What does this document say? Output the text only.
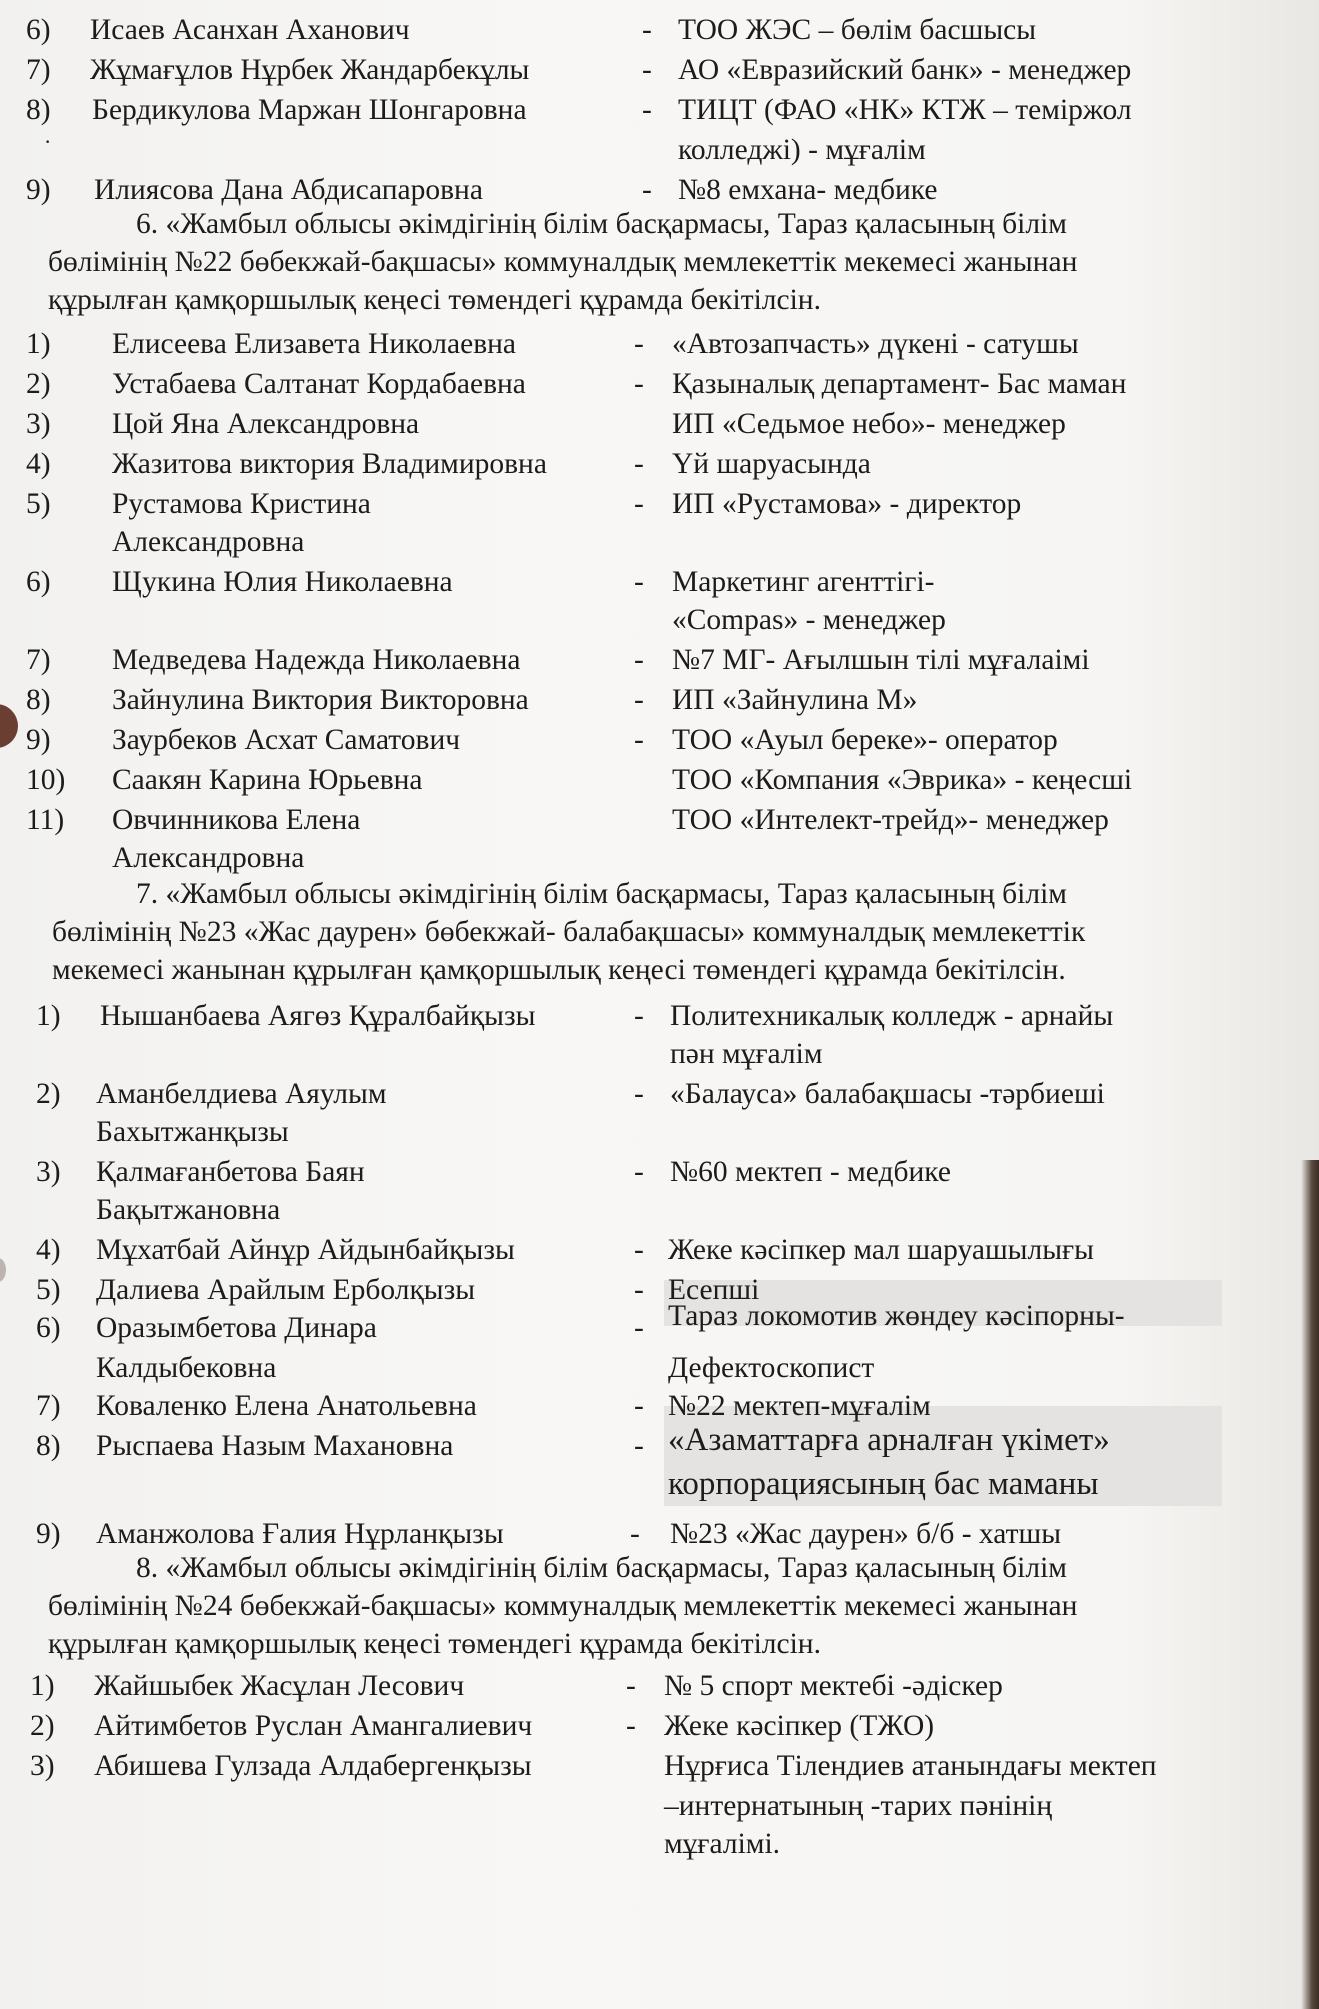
6) Исаев Асанхан Аханович	- ТОО ЖЭС – бөлім басшысы
7) Жұмағұлов Нұрбек Жандарбекұлы	- АО «Евразийский банк» - менеджер
8) Бердикулова Маржан Шонгаровна	- ТИЦТ (ФАО «НК» КТЖ – теміржол
колледжі) - мұғалім
9) Илиясова Дана Абдисапаровна	- №8 емхана- медбике
1) Елисеева Елизавета Николаевна	- «Автозапчасть» дүкені - сатушы
2) Устабаева Салтанат Кордабаевна	- Қазыналық департамент- Бас маман
3) Цой Яна Александровна	ИП «Седьмое небо»- менеджер
4) Жазитова виктория Владимировна	- Үй шаруасында
5) Рустамова Кристина	- ИП «Рустамова» - директор
Александровна
6) Щукина Юлия Николаевна	- Маркетинг агенттігі-
«Compas» - менеджер
7) Медведева Надежда Николаевна	- №7 МГ- Ағылшын тілі мұғалаімі
8) Зайнулина Виктория Викторовна	- ИП «Зайнулина М»
9) Заурбеков Асхат Саматович	- ТОО «Ауыл береке»- оператор
10) Саакян Карина Юрьевна	ТОО «Компания «Эврика» - кеңесші
11) Овчинникова Елена	ТОО «Интелект-трейд»- менеджер
Александровна
1) Нышанбаева Аягөз Құралбайқызы	- Политехникалық колледж - арнайы
пән мұғалім
2) Аманбелдиева Аяулым	- «Балауса» балабақшасы -тәрбиеші
Бахытжанқызы
3) Қалмағанбетова Баян	- №60 мектеп - медбике
Бақытжановна
4) Мұхатбай Айнұр Айдынбайқызы	- Жеке кәсіпкер мал шаруашылығы
5) Далиева Арайлым Ерболқызы	- Есепші
6) Оразымбетова Динара	- Тараз локомотив жөндеу кәсіпорны-
Калдыбековна	Дефектоскопист
7) Коваленко Елена Анатольевна	- №22 мектеп-мұғалім
8) Рыспаева Назым Махановна	- «Азаматтарға арналған үкімет»
корпорациясының бас маманы
9) Аманжолова Ғалия Нұрланқызы	- №23 «Жас даурен» б/б - хатшы
1) Жайшыбек Жасұлан Лесович	- № 5 спорт мектебі -әдіскер
2) Айтимбетов Руслан Амангалиевич	- Жеке кәсіпкер (ТЖО)
3) Абишева Гулзада Алдабергенқызы	Нұрғиса Тілендиев атанындағы мектеп
–интернатының -тарих пәнінің
мұғалімі.
·
6. «Жамбыл облысы әкімдігінің білім басқармасы, Тараз қаласының білім
бөлімінің №22 бөбекжай-бақшасы» коммуналдық мемлекеттік мекемесі жанынан
құрылған қамқоршылық кеңесі төмендегі құрамда бекітілсін.
7. «Жамбыл облысы әкімдігінің білім басқармасы, Тараз қаласының білім
бөлімінің №23 «Жас даурен» бөбекжай- балабақшасы» коммуналдық мемлекеттік
мекемесі жанынан құрылған қамқоршылық кеңесі төмендегі құрамда бекітілсін.
8. «Жамбыл облысы әкімдігінің білім басқармасы, Тараз қаласының білім
бөлімінің №24 бөбекжай-бақшасы» коммуналдық мемлекеттік мекемесі жанынан
құрылған қамқоршылық кеңесі төмендегі құрамда бекітілсін.
